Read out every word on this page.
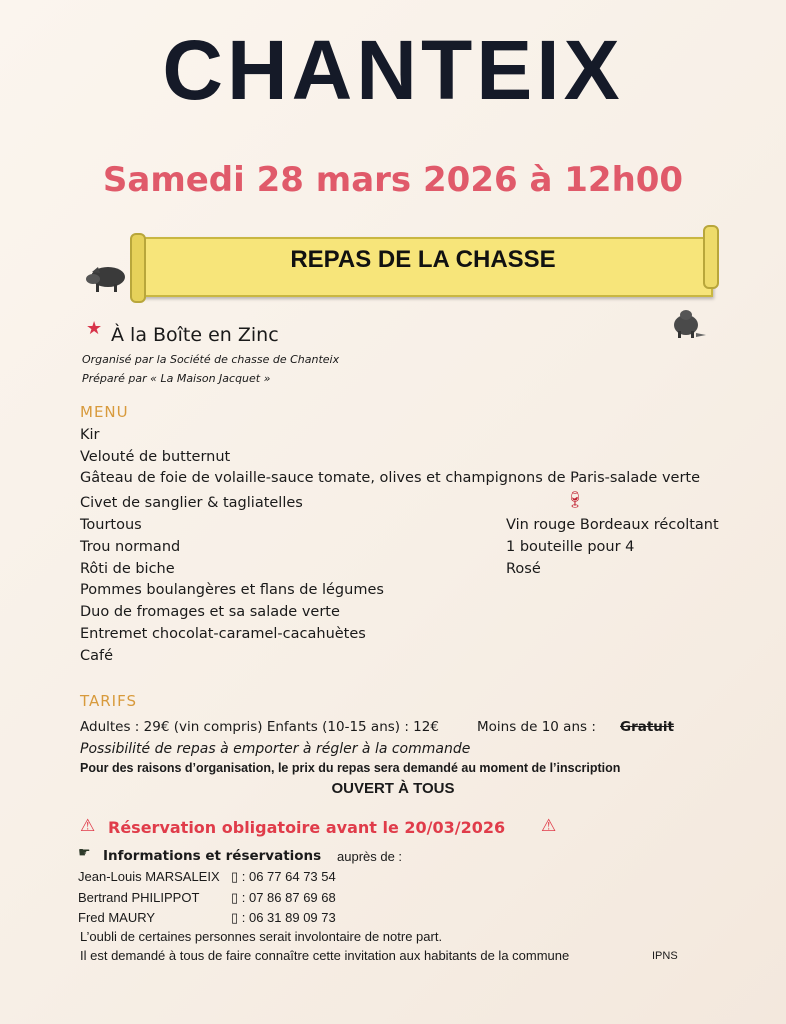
CHANTEIX
Samedi 28 mars 2026 à 12h00
REPAS DE LA CHASSE
★ À la Boîte en Zinc
Organisé par la Société de chasse de Chanteix
Préparé par « La Maison Jacquet »
MENU
Kir
Velouté de butternut
Gâteau de foie de volaille-sauce tomate, olives et champignons de Paris-salade verte
Civet de sanglier & tagliatelles
Tourtous
Trou normand
Rôti de biche
Pommes boulangères et flans de légumes
Duo de fromages et sa salade verte
Entremet chocolat-caramel-cacahuètes
Café
🍷︎
Vin rouge Bordeaux récoltant
1 bouteille pour 4
Rosé
TARIFS
Adultes : 29€ (vin compris) Enfants (10-15 ans) : 12€	Moins de 10 ans : Gratuit
Possibilité de repas à emporter à régler à la commande
Pour des raisons d’organisation, le prix du repas sera demandé au moment de l’inscription
OUVERT À TOUS
⚠ Réservation obligatoire avant le 20/03/2026 ⚠
☛ Informations et réservations auprès de :
Jean-Louis MARSALEIX ▯ : 06 77 64 73 54
Bertrand PHILIPPOT ▯ : 07 86 87 69 68
Fred MAURY	▯ : 06 31 89 09 73
L’oubli de certaines personnes serait involontaire de notre part.
Il est demandé à tous de faire connaître cette invitation aux habitants de la commune	IPNS
